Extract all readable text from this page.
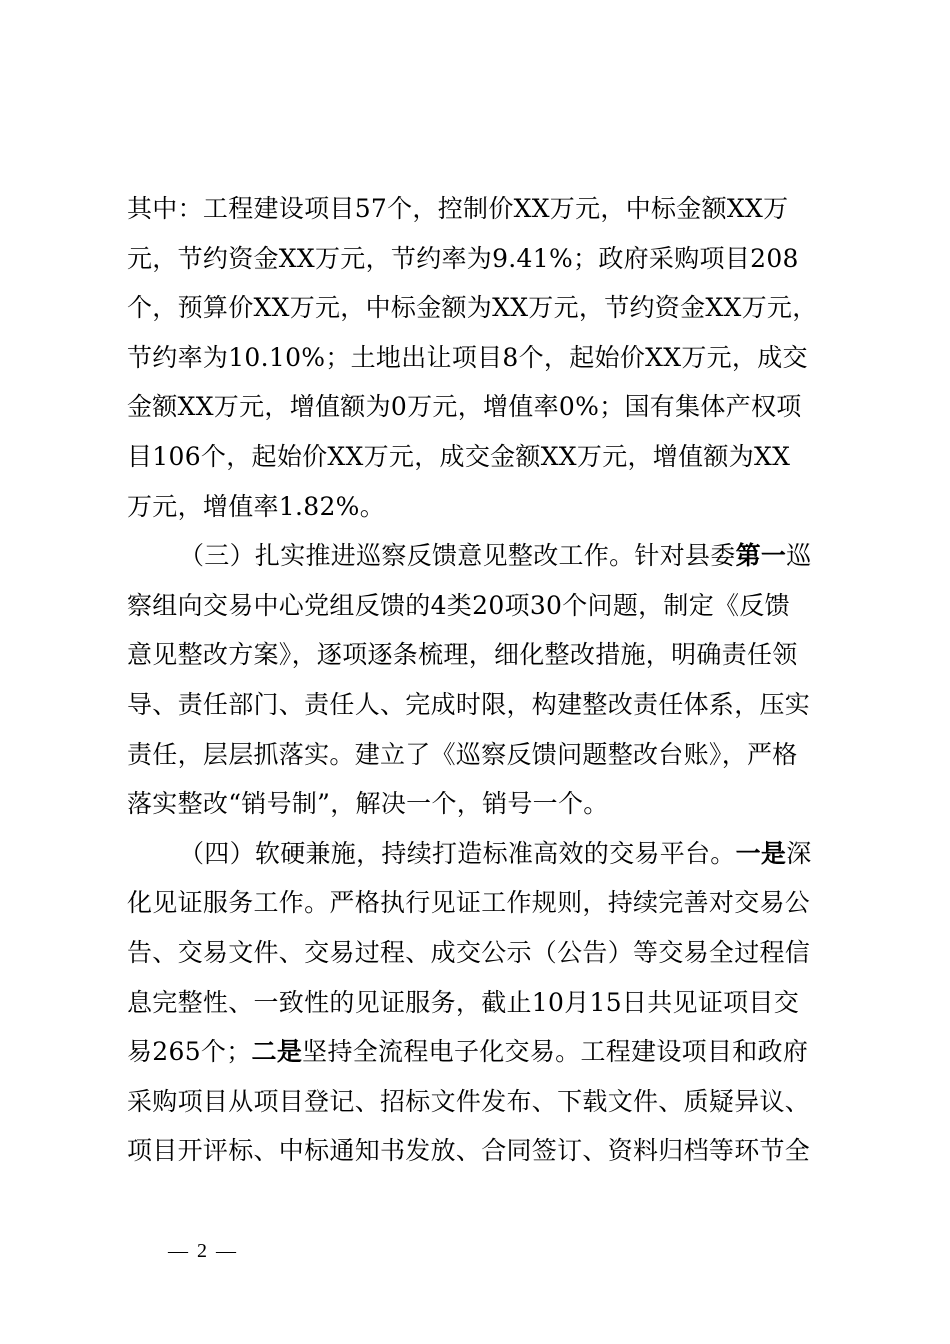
其中：工程建设项目57个，控制价XX万元，中标金额XX万
元，节约资金XX万元，节约率为9.41%；政府采购项目208
个，预算价XX万元，中标金额为XX万元，节约资金XX万元，
节约率为10.10%；土地出让项目8个，起始价XX万元，成交
金额XX万元，增值额为0万元，增值率0%；国有集体产权项
目106个，起始价XX万元，成交金额XX万元，增值额为XX
万元，增值率1.82%。
（三）扎实推进巡察反馈意见整改工作。针对县委第一巡
察组向交易中心党组反馈的4类20项30个问题，制定《反馈
意见整改方案》，逐项逐条梳理，细化整改措施，明确责任领
导、责任部门、责任人、完成时限，构建整改责任体系，压实
责任，层层抓落实。建立了《巡察反馈问题整改台账》，严格
落实整改“销号制”，解决一个，销号一个。
（四）软硬兼施，持续打造标准高效的交易平台。一是深
化见证服务工作。严格执行见证工作规则，持续完善对交易公
告、交易文件、交易过程、成交公示（公告）等交易全过程信
息完整性、一致性的见证服务，截止10月15日共见证项目交
易265个；二是坚持全流程电子化交易。工程建设项目和政府
采购项目从项目登记、招标文件发布、下载文件、质疑异议、
项目开评标、中标通知书发放、合同签订、资料归档等环节全
— 2 —
